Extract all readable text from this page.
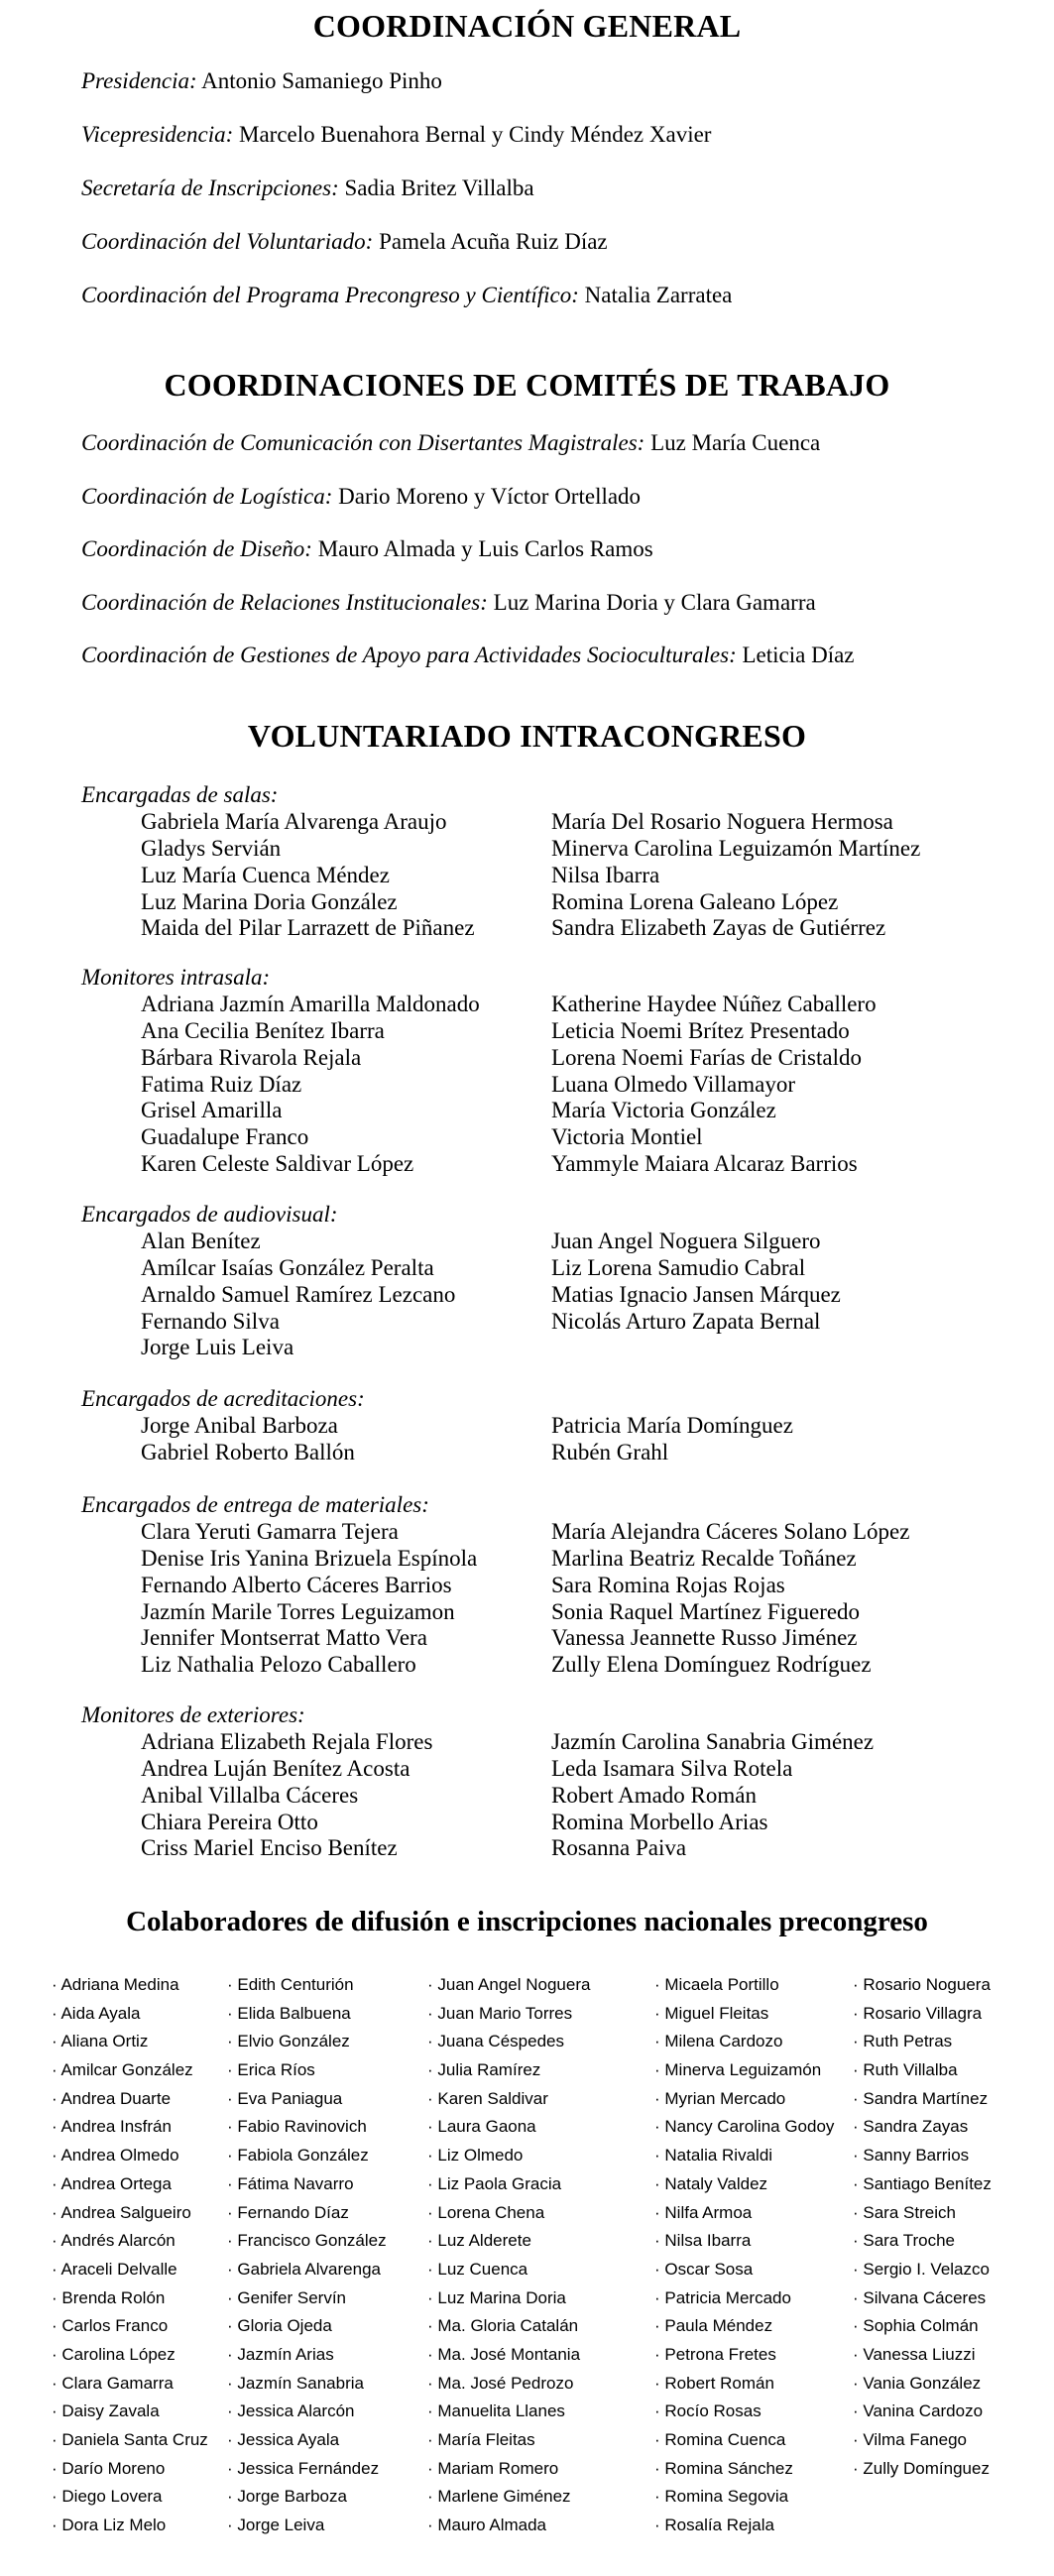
COORDINACIÓN GENERAL
Presidencia: Antonio Samaniego Pinho
Vicepresidencia: Marcelo Buenahora Bernal y Cindy Méndez Xavier
Secretaría de Inscripciones: Sadia Britez Villalba
Coordinación del Voluntariado: Pamela Acuña Ruiz Díaz
Coordinación del Programa Precongreso y Científico: Natalia Zarratea
COORDINACIONES DE COMITÉS DE TRABAJO
Coordinación de Comunicación con Disertantes Magistrales: Luz María Cuenca
Coordinación de Logística: Dario Moreno y Víctor Ortellado
Coordinación de Diseño: Mauro Almada y Luis Carlos Ramos
Coordinación de Relaciones Institucionales: Luz Marina Doria y Clara Gamarra
Coordinación de Gestiones de Apoyo para Actividades Socioculturales: Leticia Díaz
VOLUNTARIADO INTRACONGRESO
Encargadas de salas:
Gabriela María Alvarenga Araujo
Gladys Servián
Luz María Cuenca Méndez
Luz Marina Doria González
Maida del Pilar Larrazett de Piñanez
María Del Rosario Noguera Hermosa
Minerva Carolina Leguizamón Martínez
Nilsa Ibarra
Romina Lorena Galeano López
Sandra Elizabeth Zayas de Gutiérrez
Monitores intrasala:
Adriana Jazmín Amarilla Maldonado
Ana Cecilia Benítez Ibarra
Bárbara Rivarola Rejala
Fatima Ruiz Díaz
Grisel Amarilla
Guadalupe Franco
Karen Celeste Saldivar López
Katherine Haydee Núñez Caballero
Leticia Noemi Brítez Presentado
Lorena Noemi Farías de Cristaldo
Luana Olmedo Villamayor
María Victoria González
Victoria Montiel
Yammyle Maiara Alcaraz Barrios
Encargados de audiovisual:
Alan Benítez
Amílcar Isaías González Peralta
Arnaldo Samuel Ramírez Lezcano
Fernando Silva
Jorge Luis Leiva
Juan Angel Noguera Silguero
Liz Lorena Samudio Cabral
Matias Ignacio Jansen Márquez
Nicolás Arturo Zapata Bernal
Encargados de acreditaciones:
Jorge Anibal Barboza
Gabriel Roberto Ballón
Patricia María Domínguez
Rubén Grahl
Encargados de entrega de materiales:
Clara Yeruti Gamarra Tejera
Denise Iris Yanina Brizuela Espínola
Fernando Alberto Cáceres Barrios
Jazmín Marile Torres Leguizamon
Jennifer Montserrat Matto Vera
Liz Nathalia Pelozo Caballero
María Alejandra Cáceres Solano López
Marlina Beatriz Recalde Toñánez
Sara Romina Rojas Rojas
Sonia Raquel Martínez Figueredo
Vanessa Jeannette Russo Jiménez
Zully Elena Domínguez Rodríguez
Monitores de exteriores:
Adriana Elizabeth Rejala Flores
Andrea Luján Benítez Acosta
Anibal Villalba Cáceres
Chiara Pereira Otto
Criss Mariel Enciso Benítez
Jazmín Carolina Sanabria Giménez
Leda Isamara Silva Rotela
Robert Amado Román
Romina Morbello Arias
Rosanna Paiva
Colaboradores de difusión e inscripciones nacionales precongreso
· Adriana Medina
· Aida Ayala
· Aliana Ortiz
· Amilcar González
· Andrea Duarte
· Andrea Insfrán
· Andrea Olmedo
· Andrea Ortega
· Andrea Salgueiro
· Andrés Alarcón
· Araceli Delvalle
· Brenda Rolón
· Carlos Franco
· Carolina López
· Clara Gamarra
· Daisy Zavala
· Daniela Santa Cruz
· Darío Moreno
· Diego Lovera
· Dora Liz Melo
· Edith Centurión
· Elida Balbuena
· Elvio González
· Erica Ríos
· Eva Paniagua
· Fabio Ravinovich
· Fabiola González
· Fátima Navarro
· Fernando Díaz
· Francisco González
· Gabriela Alvarenga
· Genifer Servín
· Gloria Ojeda
· Jazmín Arias
· Jazmín Sanabria
· Jessica Alarcón
· Jessica Ayala
· Jessica Fernández
· Jorge Barboza
· Jorge Leiva
· Juan Angel Noguera
· Juan Mario Torres
· Juana Céspedes
· Julia Ramírez
· Karen Saldivar
· Laura Gaona
· Liz Olmedo
· Liz Paola Gracia
· Lorena Chena
· Luz Alderete
· Luz Cuenca
· Luz Marina Doria
· Ma. Gloria Catalán
· Ma. José Montania
· Ma. José Pedrozo
· Manuelita Llanes
· María Fleitas
· Mariam Romero
· Marlene Giménez
· Mauro Almada
· Micaela Portillo
· Miguel Fleitas
· Milena Cardozo
· Minerva Leguizamón
· Myrian Mercado
· Nancy Carolina Godoy
· Natalia Rivaldi
· Nataly Valdez
· Nilfa Armoa
· Nilsa Ibarra
· Oscar Sosa
· Patricia Mercado
· Paula Méndez
· Petrona Fretes
· Robert Román
· Rocío Rosas
· Romina Cuenca
· Romina Sánchez
· Romina Segovia
· Rosalía Rejala
· Rosario Noguera
· Rosario Villagra
· Ruth Petras
· Ruth Villalba
· Sandra Martínez
· Sandra Zayas
· Sanny Barrios
· Santiago Benítez
· Sara Streich
· Sara Troche
· Sergio I. Velazco
· Silvana Cáceres
· Sophia Colmán
· Vanessa Liuzzi
· Vania González
· Vanina Cardozo
· Vilma Fanego
· Zully Domínguez
